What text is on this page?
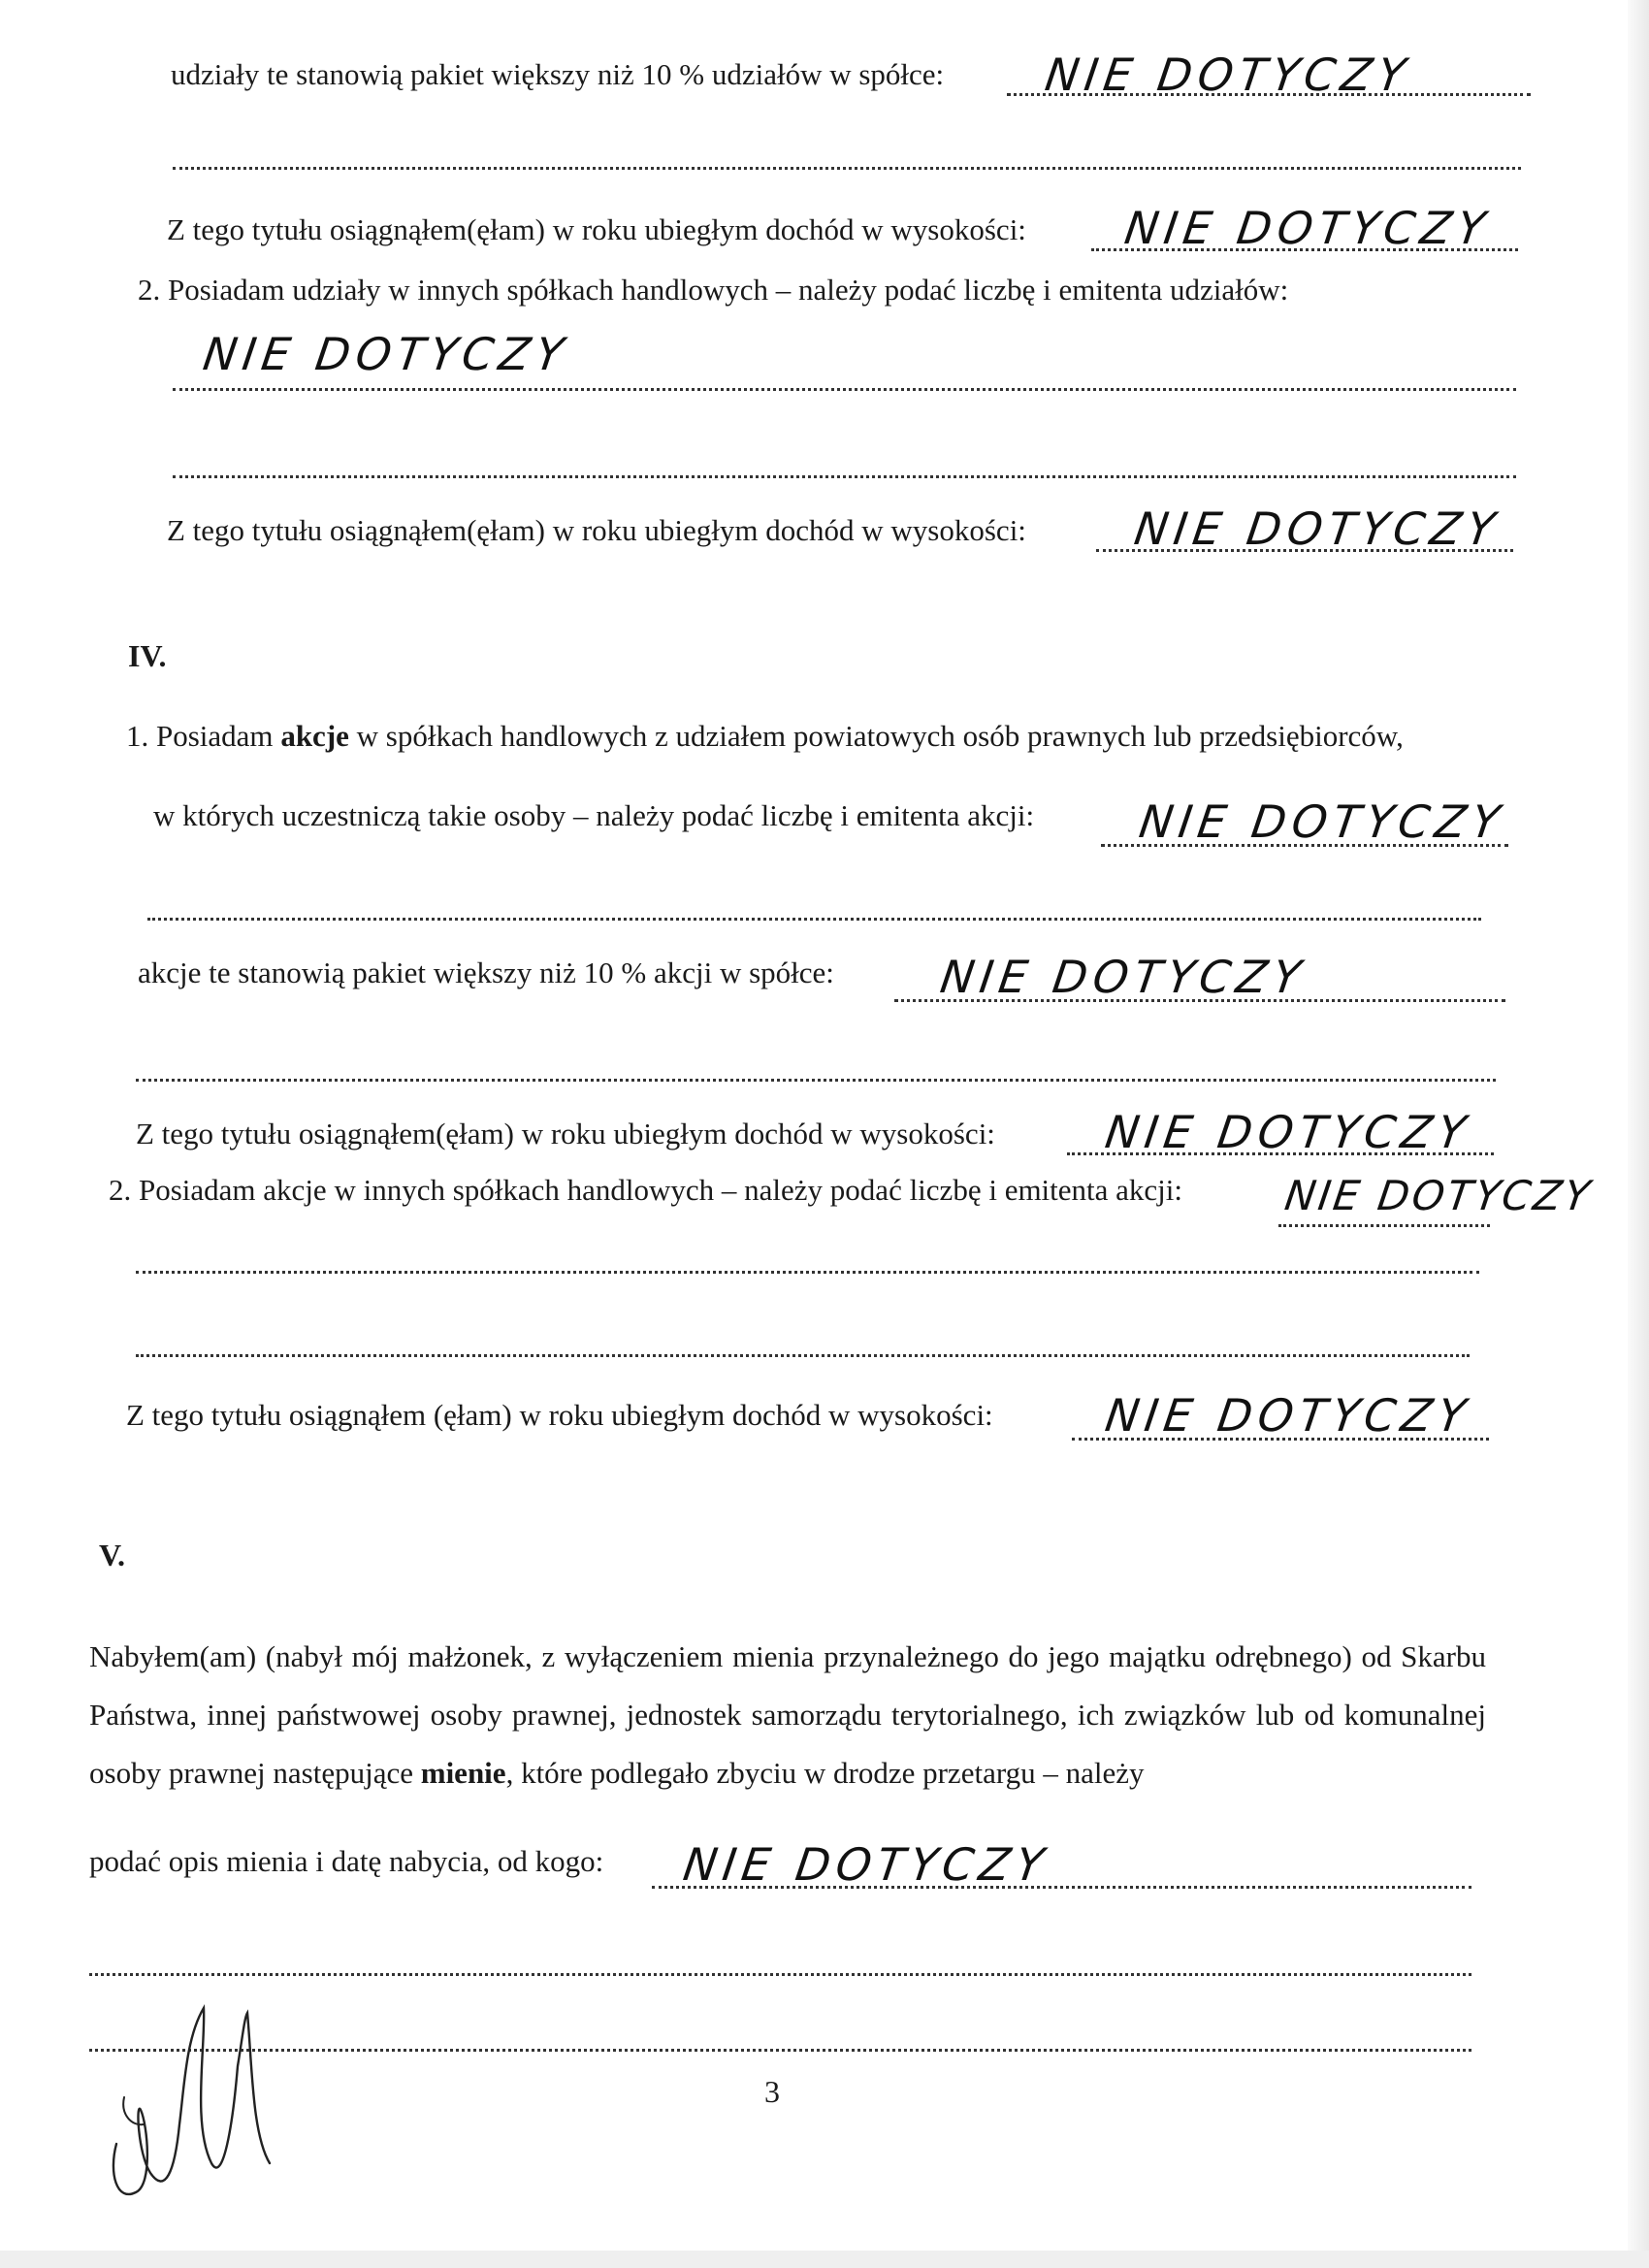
udziały te stanowią pakiet większy niż 10 % udziałów w spółce: NIE DOTYCZY
Z tego tytułu osiągnąłem(ęłam) w roku ubiegłym dochód w wysokości: NIE DOTYCZY
2. Posiadam udziały w innych spółkach handlowych – należy podać liczbę i emitenta udziałów:
NIE DOTYCZY
Z tego tytułu osiągnąłem(ęłam) w roku ubiegłym dochód w wysokości: NIE DOTYCZY
IV.
1. Posiadam akcje w spółkach handlowych z udziałem powiatowych osób prawnych lub przedsiębiorców,
w których uczestniczą takie osoby – należy podać liczbę i emitenta akcji: NIE DOTYCZY
akcje te stanowią pakiet większy niż 10 % akcji w spółce: NIE DOTYCZY
Z tego tytułu osiągnąłem(ęłam) w roku ubiegłym dochód w wysokości: NIE DOTYCZY
2. Posiadam akcje w innych spółkach handlowych – należy podać liczbę i emitenta akcji: NIE DOTYCZY
Z tego tytułu osiągnąłem (ęłam) w roku ubiegłym dochód w wysokości: NIE DOTYCZY
V.
Nabyłem(am) (nabył mój małżonek, z wyłączeniem mienia przynależnego do jego majątku odrębnego) od Skarbu Państwa, innej państwowej osoby prawnej, jednostek samorządu terytorialnego, ich związków lub od komunalnej osoby prawnej następujące mienie, które podlegało zbyciu w drodze przetargu – należy
podać opis mienia i datę nabycia, od kogo: NIE DOTYCZY
3
